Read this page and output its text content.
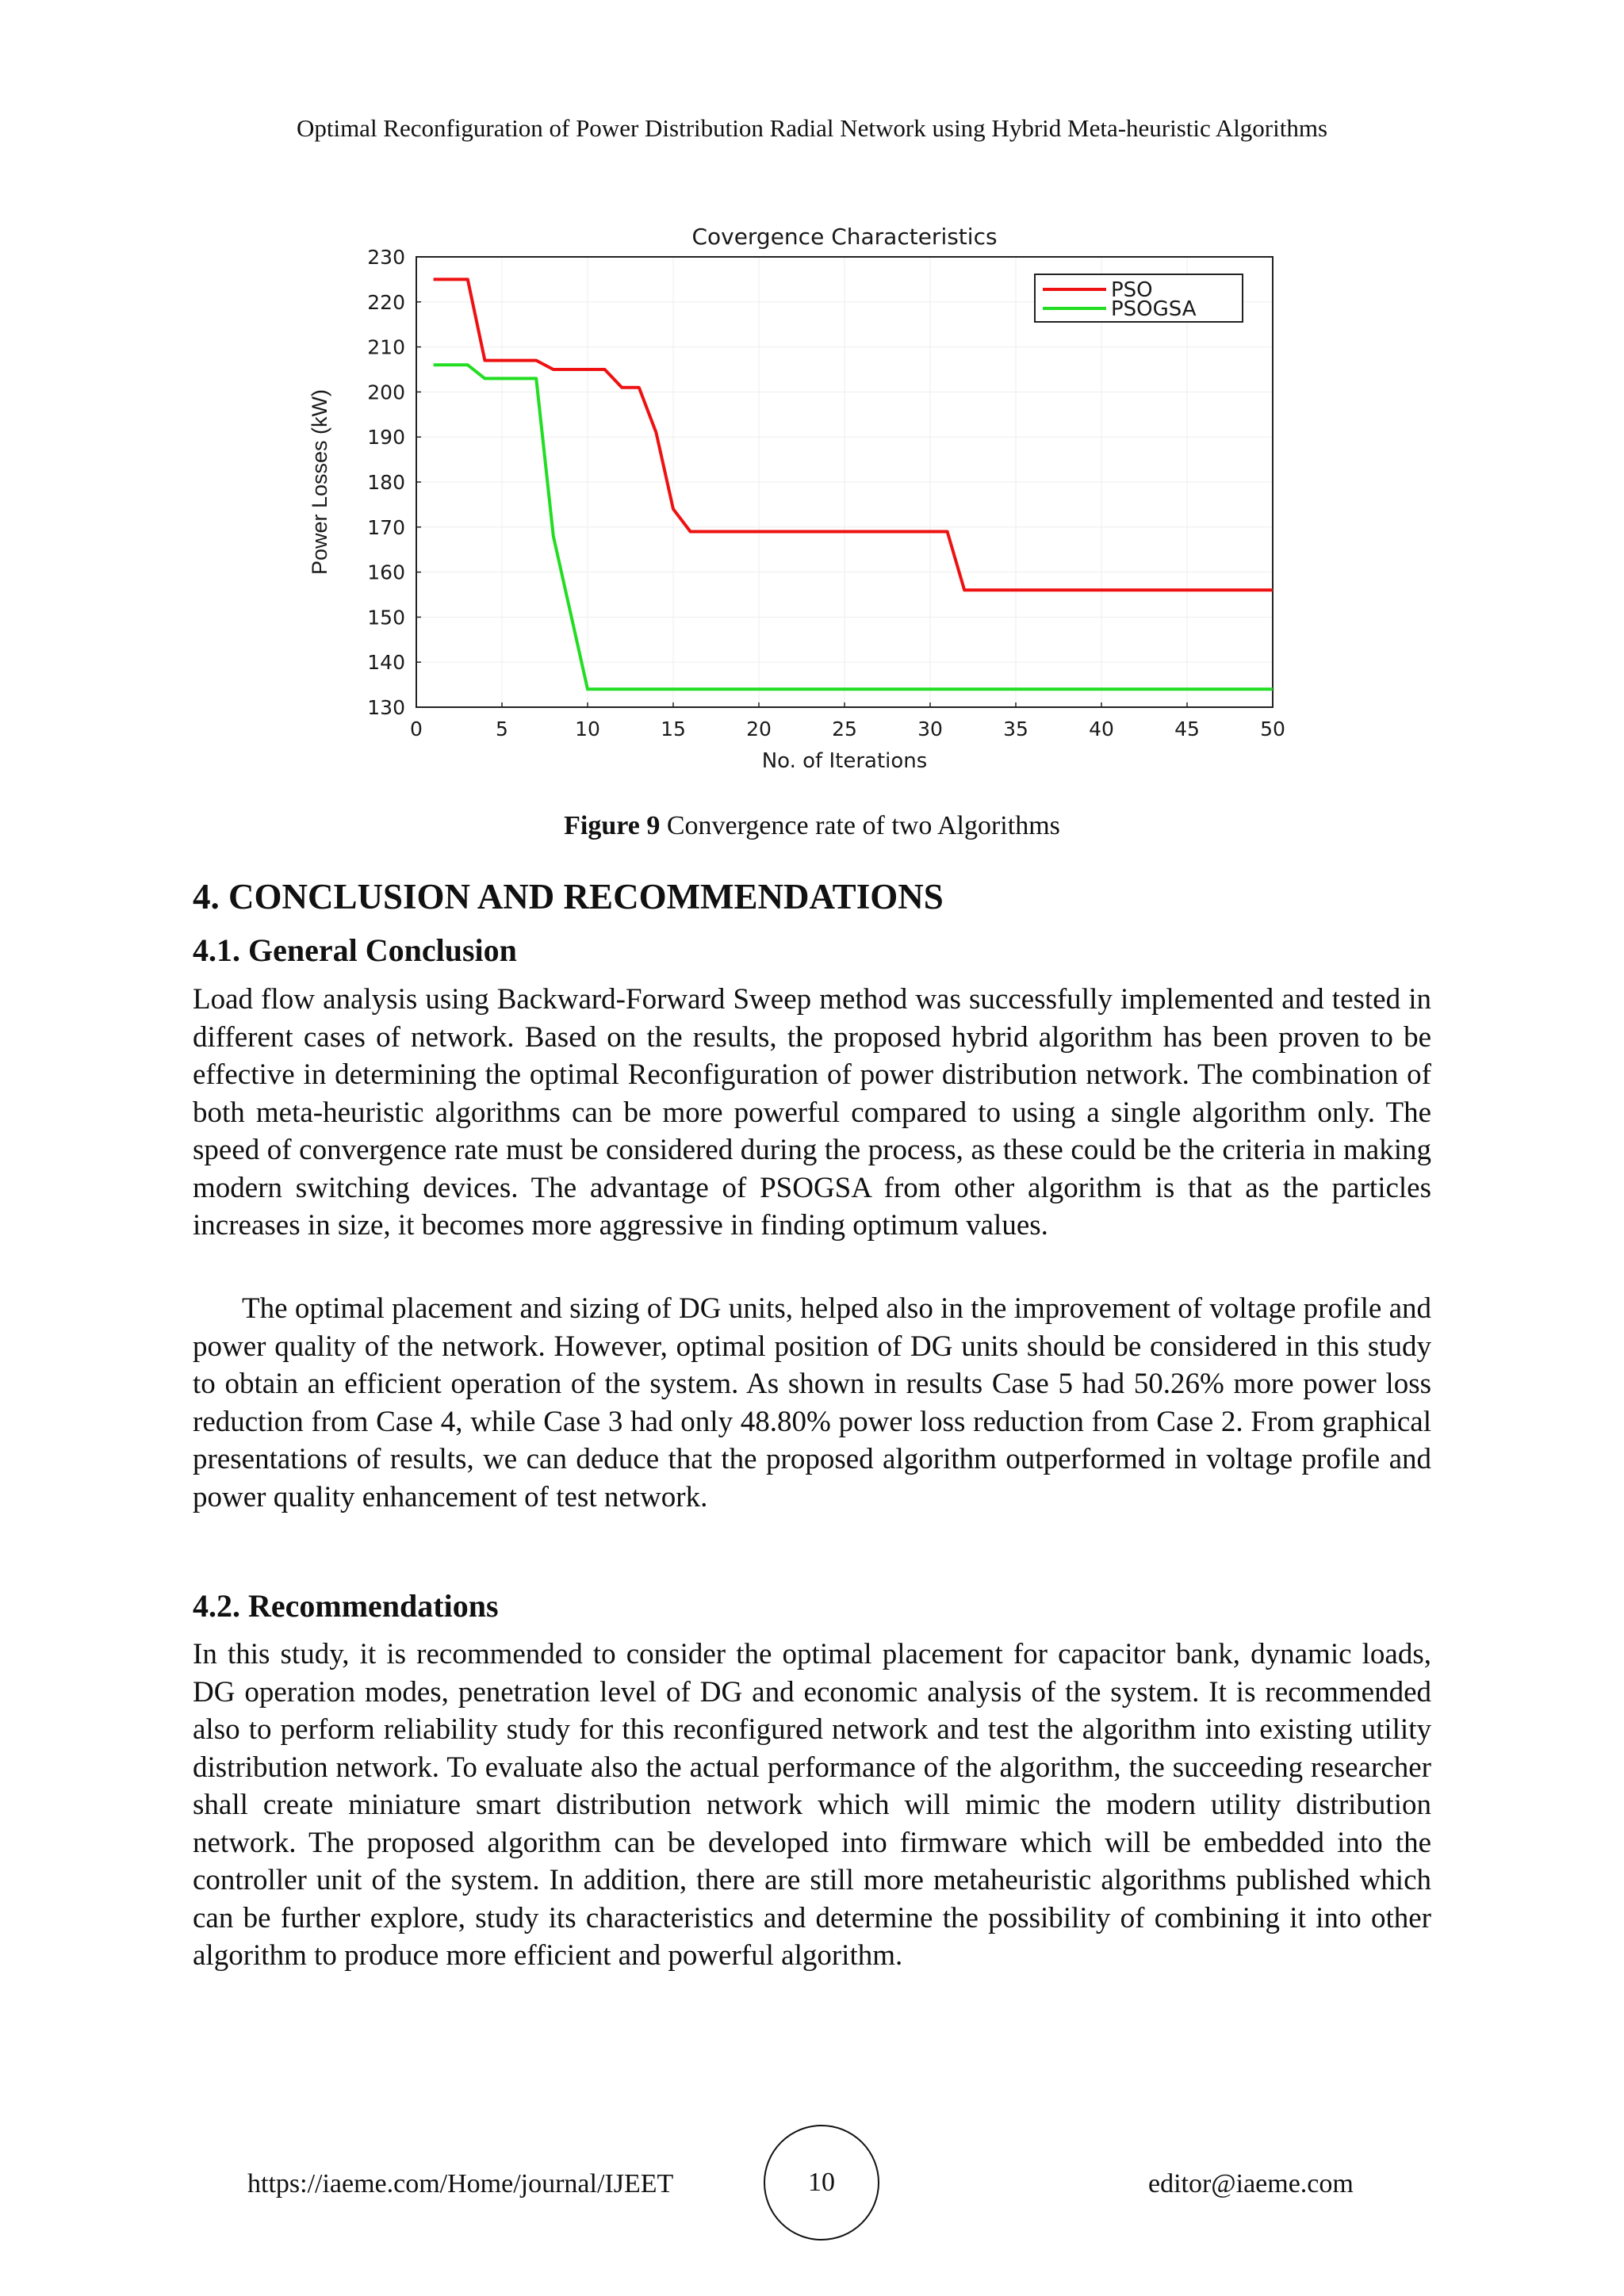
Optimal Reconfiguration of Power Distribution Radial Network using Hybrid Meta-heuristic Algorithms
0	5	10	15	20	25	30	35	40	45	50
130
140
150
160
170
180
190
200
210
220
230
Covergence Characteristics
No. of Iterations
Power Losses (kW)
PSO
PSOGSA
Figure 9 Convergence rate of two Algorithms
4. CONCLUSION AND RECOMMENDATIONS
4.1. General Conclusion
Load flow analysis using Backward-Forward Sweep method was successfully implemented and tested in different cases of network. Based on the results, the proposed hybrid algorithm has been proven to be effective in determining the optimal Reconfiguration of power distribution network. The combination of both meta-heuristic algorithms can be more powerful compared to using a single algorithm only. The speed of convergence rate must be considered during the process, as these could be the criteria in making modern switching devices. The advantage of PSOGSA from other algorithm is that as the particles increases in size, it becomes more aggressive in finding optimum values.
The optimal placement and sizing of DG units, helped also in the improvement of voltage profile and power quality of the network. However, optimal position of DG units should be considered in this study to obtain an efficient operation of the system. As shown in results Case 5 had 50.26% more power loss reduction from Case 4, while Case 3 had only 48.80% power loss reduction from Case 2. From graphical presentations of results, we can deduce that the proposed algorithm outperformed in voltage profile and power quality enhancement of test network.
4.2. Recommendations
In this study, it is recommended to consider the optimal placement for capacitor bank, dynamic loads, DG operation modes, penetration level of DG and economic analysis of the system. It is recommended also to perform reliability study for this reconfigured network and test the algorithm into existing utility distribution network. To evaluate also the actual performance of the algorithm, the succeeding researcher shall create miniature smart distribution network which will mimic the modern utility distribution network. The proposed algorithm can be developed into firmware which will be embedded into the controller unit of the system. In addition, there are still more metaheuristic algorithms published which can be further explore, study its characteristics and determine the possibility of combining it into other algorithm to produce more efficient and powerful algorithm.
https://iaeme.com/Home/journal/IJEET	10	editor@iaeme.com
